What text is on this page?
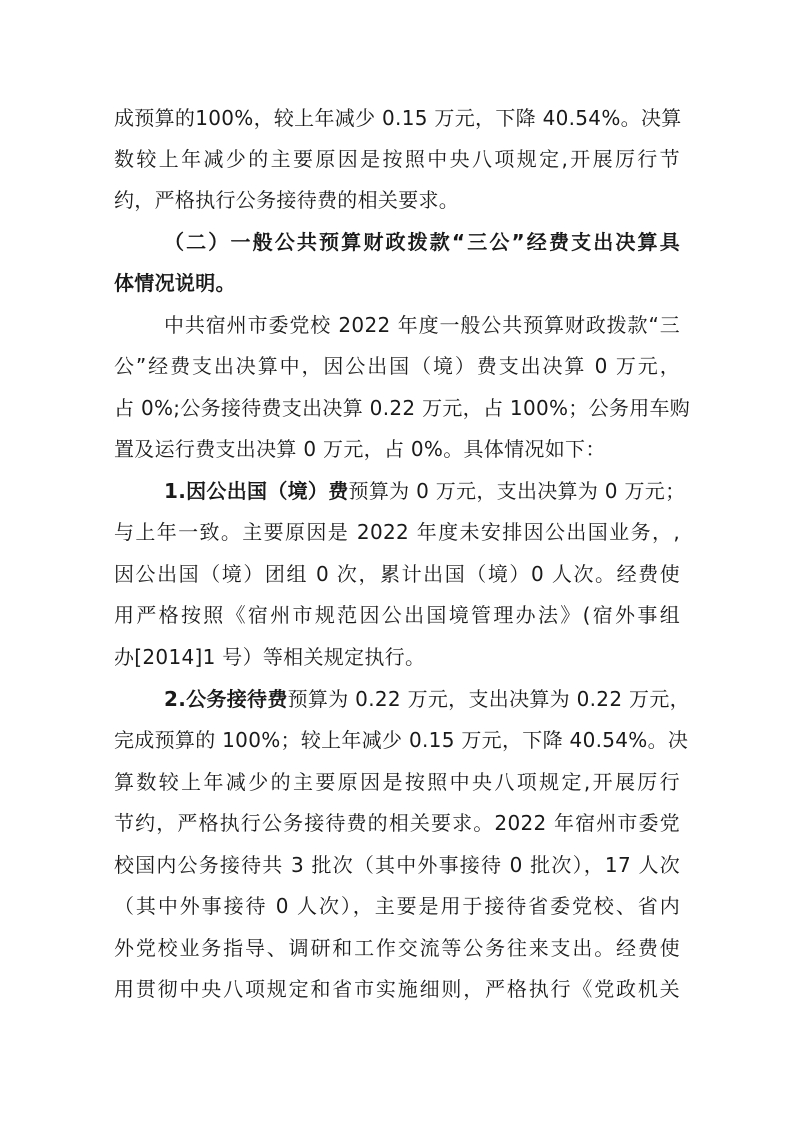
成预算的100%，较上年减少 0.15 万元，下降 40.54%。决算
数较上年减少的主要原因是按照中央八项规定,开展厉行节
约，严格执行公务接待费的相关要求。
（二）一般公共预算财政拨款“三公”经费支出决算具
体情况说明。
中共宿州市委党校 2022 年度一般公共预算财政拨款“三
公”经费支出决算中，因公出国（境）费支出决算 0 万元，
占 0%;公务接待费支出决算 0.22 万元，占 100%；公务用车购
置及运行费支出决算 0 万元，占 0%。具体情况如下：
1.因公出国（境）费预算为 0 万元，支出决算为 0 万元；
与上年一致。主要原因是 2022 年度未安排因公出国业务，,
因公出国（境）团组 0 次，累计出国（境）0 人次。经费使
用严格按照《宿州市规范因公出国境管理办法》(宿外事组
办[2014]1 号）等相关规定执行。
2.公务接待费预算为 0.22 万元，支出决算为 0.22 万元，
完成预算的 100%；较上年减少 0.15 万元，下降 40.54%。决
算数较上年减少的主要原因是按照中央八项规定,开展厉行
节约，严格执行公务接待费的相关要求。2022 年宿州市委党
校国内公务接待共 3 批次（其中外事接待 0 批次），17 人次
（其中外事接待 0 人次），主要是用于接待省委党校、省内
外党校业务指导、调研和工作交流等公务往来支出。经费使
用贯彻中央八项规定和省市实施细则，严格执行《党政机关
